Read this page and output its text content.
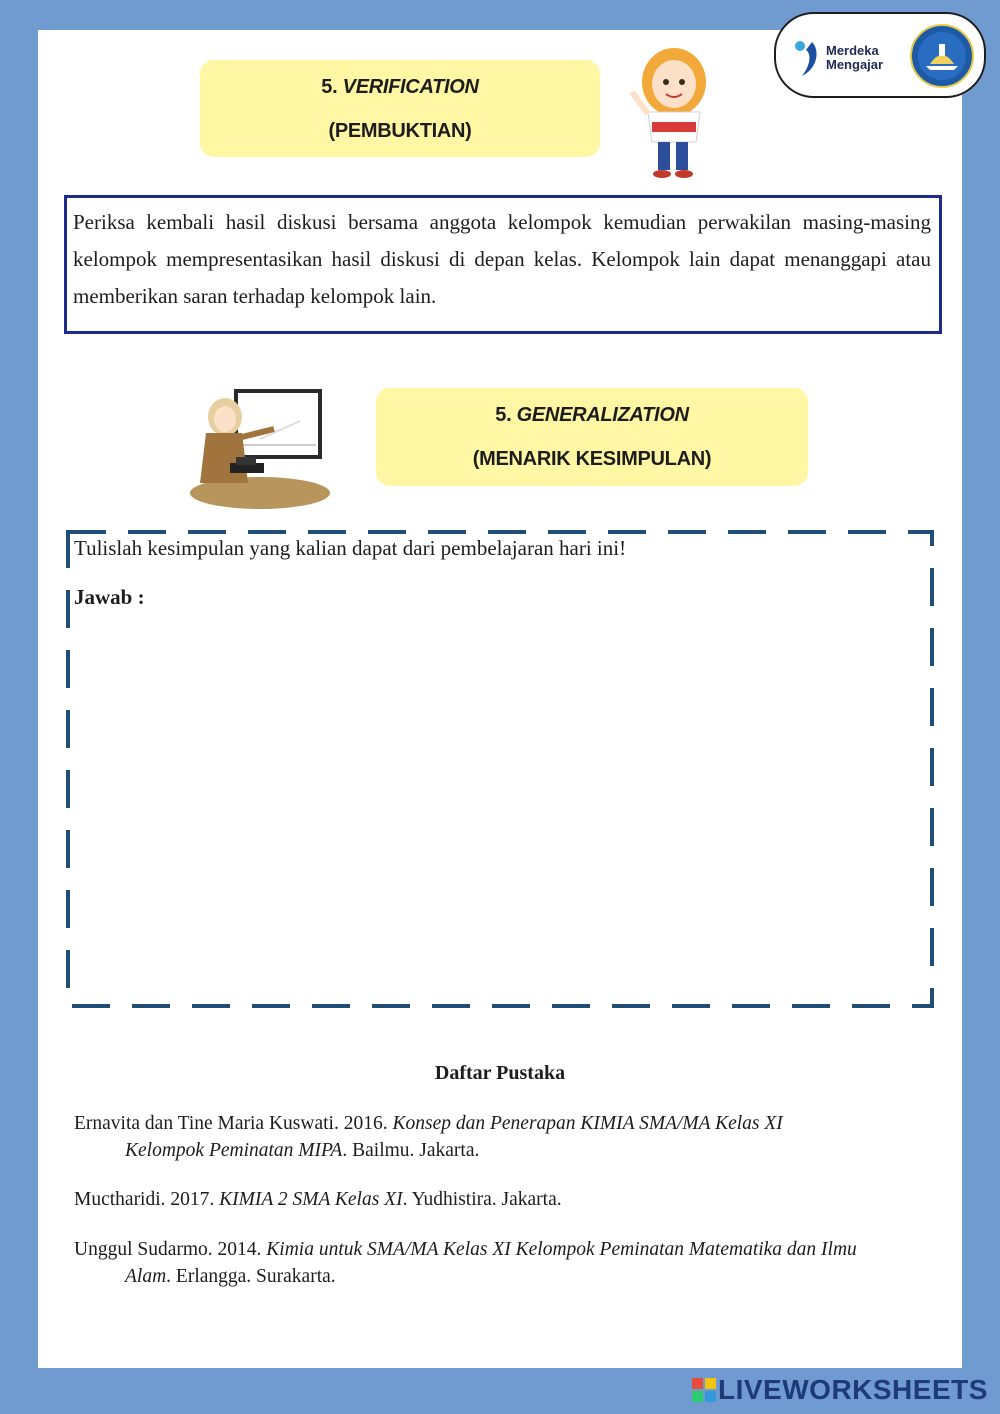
Merdeka
Mengajar
5. VERIFICATION
(PEMBUKTIAN)
Periksa kembali hasil diskusi bersama anggota kelompok kemudian perwakilan masing-masing kelompok mempresentasikan hasil diskusi di depan kelas. Kelompok lain dapat menanggapi atau memberikan saran terhadap kelompok lain.
5. GENERALIZATION
(MENARIK KESIMPULAN)
Tulislah kesimpulan yang kalian dapat dari pembelajaran hari ini!
Jawab :
Daftar Pustaka
Ernavita dan Tine Maria Kuswati. 2016. Konsep dan Penerapan KIMIA SMA/MA Kelas XI
Kelompok Peminatan MIPA. Bailmu. Jakarta.
Muctharidi. 2017. KIMIA 2 SMA Kelas XI. Yudhistira. Jakarta.
Unggul Sudarmo. 2014. Kimia untuk SMA/MA Kelas XI Kelompok Peminatan Matematika dan Ilmu
Alam. Erlangga. Surakarta.
LIVEWORKSHEETS
